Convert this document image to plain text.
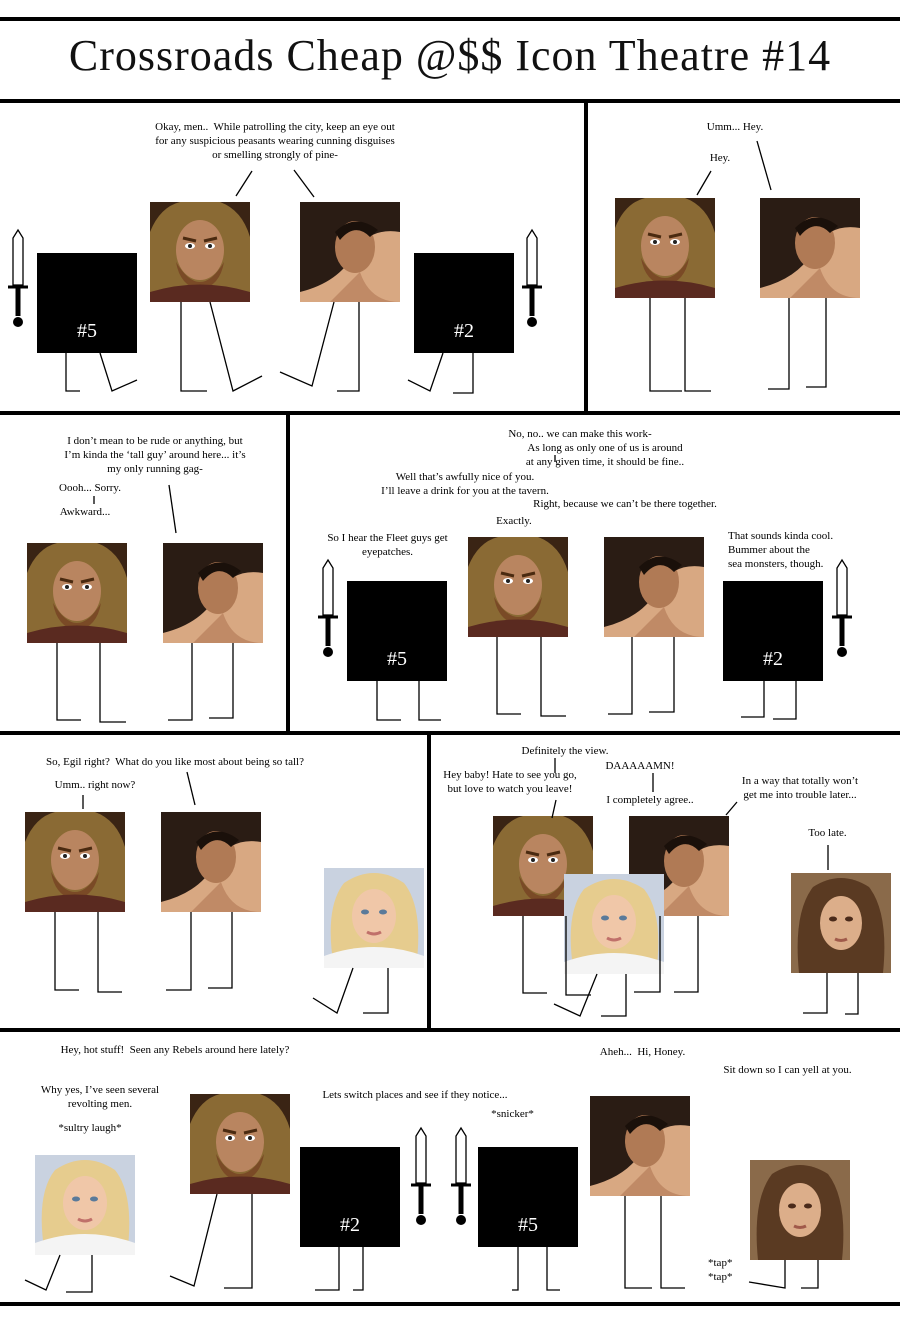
Crossroads Cheap @$$ Icon Theatre #14
Okay, men..  While patrolling the city, keep an eye out
for any suspicious peasants wearing cunning disguises
or smelling strongly of pine-
Umm... Hey.
Hey.
I don’t mean to be rude or anything, but
I’m kinda the ‘tall guy’ around here... it’s
my only running gag-
Oooh... Sorry.
Awkward...
No, no.. we can make this work-
As long as only one of us is around
at any given time, it should be fine..
Well that’s awfully nice of you.
I’ll leave a drink for you at the tavern.
Right, because we can’t be there together.
Exactly.
So I hear the Fleet guys get
eyepatches.
That sounds kinda cool.
Bummer about the
sea monsters, though.
So, Egil right?  What do you like most about being so tall?
Umm.. right now?
Definitely the view.
DAAAAAMN!
Hey baby! Hate to see you go,
but love to watch you leave!
I completely agree..
In a way that totally won’t
get me into trouble later...
Too late.
Hey, hot stuff!  Seen any Rebels around here lately?
Why yes, I’ve seen several
revolting men.
*sultry laugh*
Lets switch places and see if they notice...
*snicker*
Aheh...  Hi, Honey.
Sit down so I can yell at you.
*tap*
*tap*
#5	#2
#5	#2
#2	#5
